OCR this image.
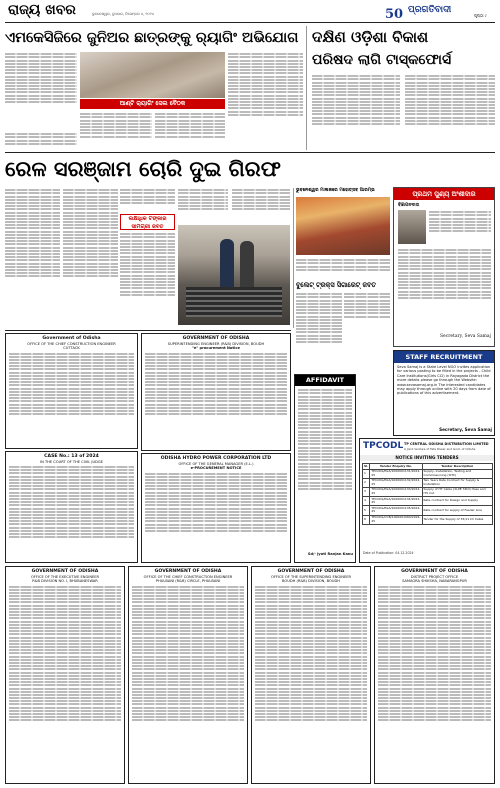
ରାଜ୍ୟ ଖବର	ଭୁବନେଶ୍ୱର, ବୁଧବାର, ଡିସେମ୍ବର ୪, ୨୦୨୪	50 ପ୍ରଗତିବାଦୀ
ପୃଷ୍ଠା ୯
ଏମକେସିଜିରେ ଜୁନିଅର ଛାତ୍ରଙ୍କୁ ର‌୍ୟାଗିଂ ଅଭିଯୋଗ
ଆଣ୍ଟି ର‌୍ୟାଗିଂ ସେଲ ବୈଠକ
ଦକ୍ଷିଣ ଓଡ଼ିଶା ବିକାଶ
ପରିଷଦ ଲାଗି ଟାସ୍କଫୋର୍ସ
ରେଳ ସରଞ୍ଜାମ ଚୋରି ଦୁଇ ଗିରଫ
ଲକ୍ଷାଧିକ ଟଙ୍କାର ସାମଗ୍ରୀ ଜବତ
ଭୁବନେଶ୍ୱର ମାଳାକରେ ମହୋତ୍ସବ ଆରମ୍ଭ	ପ୍ରଥମ ପୁଣ୍ୟ ଅଂଶୀଦାର
ବିଜ୍ଞାପନଦାତା
Secretary, Seva Samaj
ବୁଲେଟ୍ ଟ୍ରକ୍ସ ସିଗାରେଟ୍ ଜବତ
STAFF RECRUITMENT
Seva Samaj is a State Level NGO invites application for various posting to be filled in the projects - Child Care Institutions(Girls CCI) in Rayagada District the more details please go through the Website: www.sevasamaj.org.in The interested candidates may apply through online with 20 days from date of publications of this advertisement.
Secretary, Seva Samaj
Government of Odisha
OFFICE OF THE CHIEF CONSTRUCTION ENGINEER
CUTTACK
CASE No.: 13 of 2024
IN THE COURT OF THE CIVIL JUDGE
GOVERNMENT OF ODISHA
SUPERINTENDING ENGINEER (R&B) DIVISION, BOUDH
"e" procurement Notice
ODISHA HYDRO POWER CORPORATION LTD
OFFICE OF THE GENERAL MANAGER (E.L.)
e-PROCUREMENT NOTICE
AFFIDAVIT
Sd/- Jyoti Ranjan Kanu
TPCODL TP CENTRAL ODISHA DISTRIBUTION LIMITED
A Joint Venture of Tata Power and Govt. of Odisha
NOTICE INVITING TENDERS
Sl.	Tender Enquiry No.	Tender Description
1	TPCODL/P&S/1000001131/2024-25	Supply, Installation, Testing and Commissioning (SITC)
2	TPCODL/P&S/1000001132/2024-25	Two Years Rate Contract for Supply & Installation
3	TPCODL/P&S/1000001133/2024-25	Supply of HT Cable (XLPE 33kV) Pass and ITS Cut
4	TPCODL/P&S/1000001134/2024-25	Rate contract for Design and Supply
5	TPCODL/P&S/1000001135/2024-25	Rate contract for supply of Feeder Line
6	TPCODL/CCB/1000001060/2024-25	Tender for the Supply of 33/11 kV Cable
Date of Publication: 04.12.2024
GOVERNMENT OF ODISHA
OFFICE OF THE EXECUTIVE ENGINEER
R&B DIVISION NO. I, BHUBANESWAR
GOVERNMENT OF ODISHA
OFFICE OF THE CHIEF CONSTRUCTION ENGINEER
PHULBANI (R&B) CIRCLE, PHULBANI
GOVERNMENT OF ODISHA
OFFICE OF THE SUPERINTENDING ENGINEER
BOUDH (R&B) DIVISION, BOUDH
GOVERNMENT OF ODISHA
DISTRICT PROJECT OFFICE
SAMAGRA SHIKSHA, NABARANGPUR
